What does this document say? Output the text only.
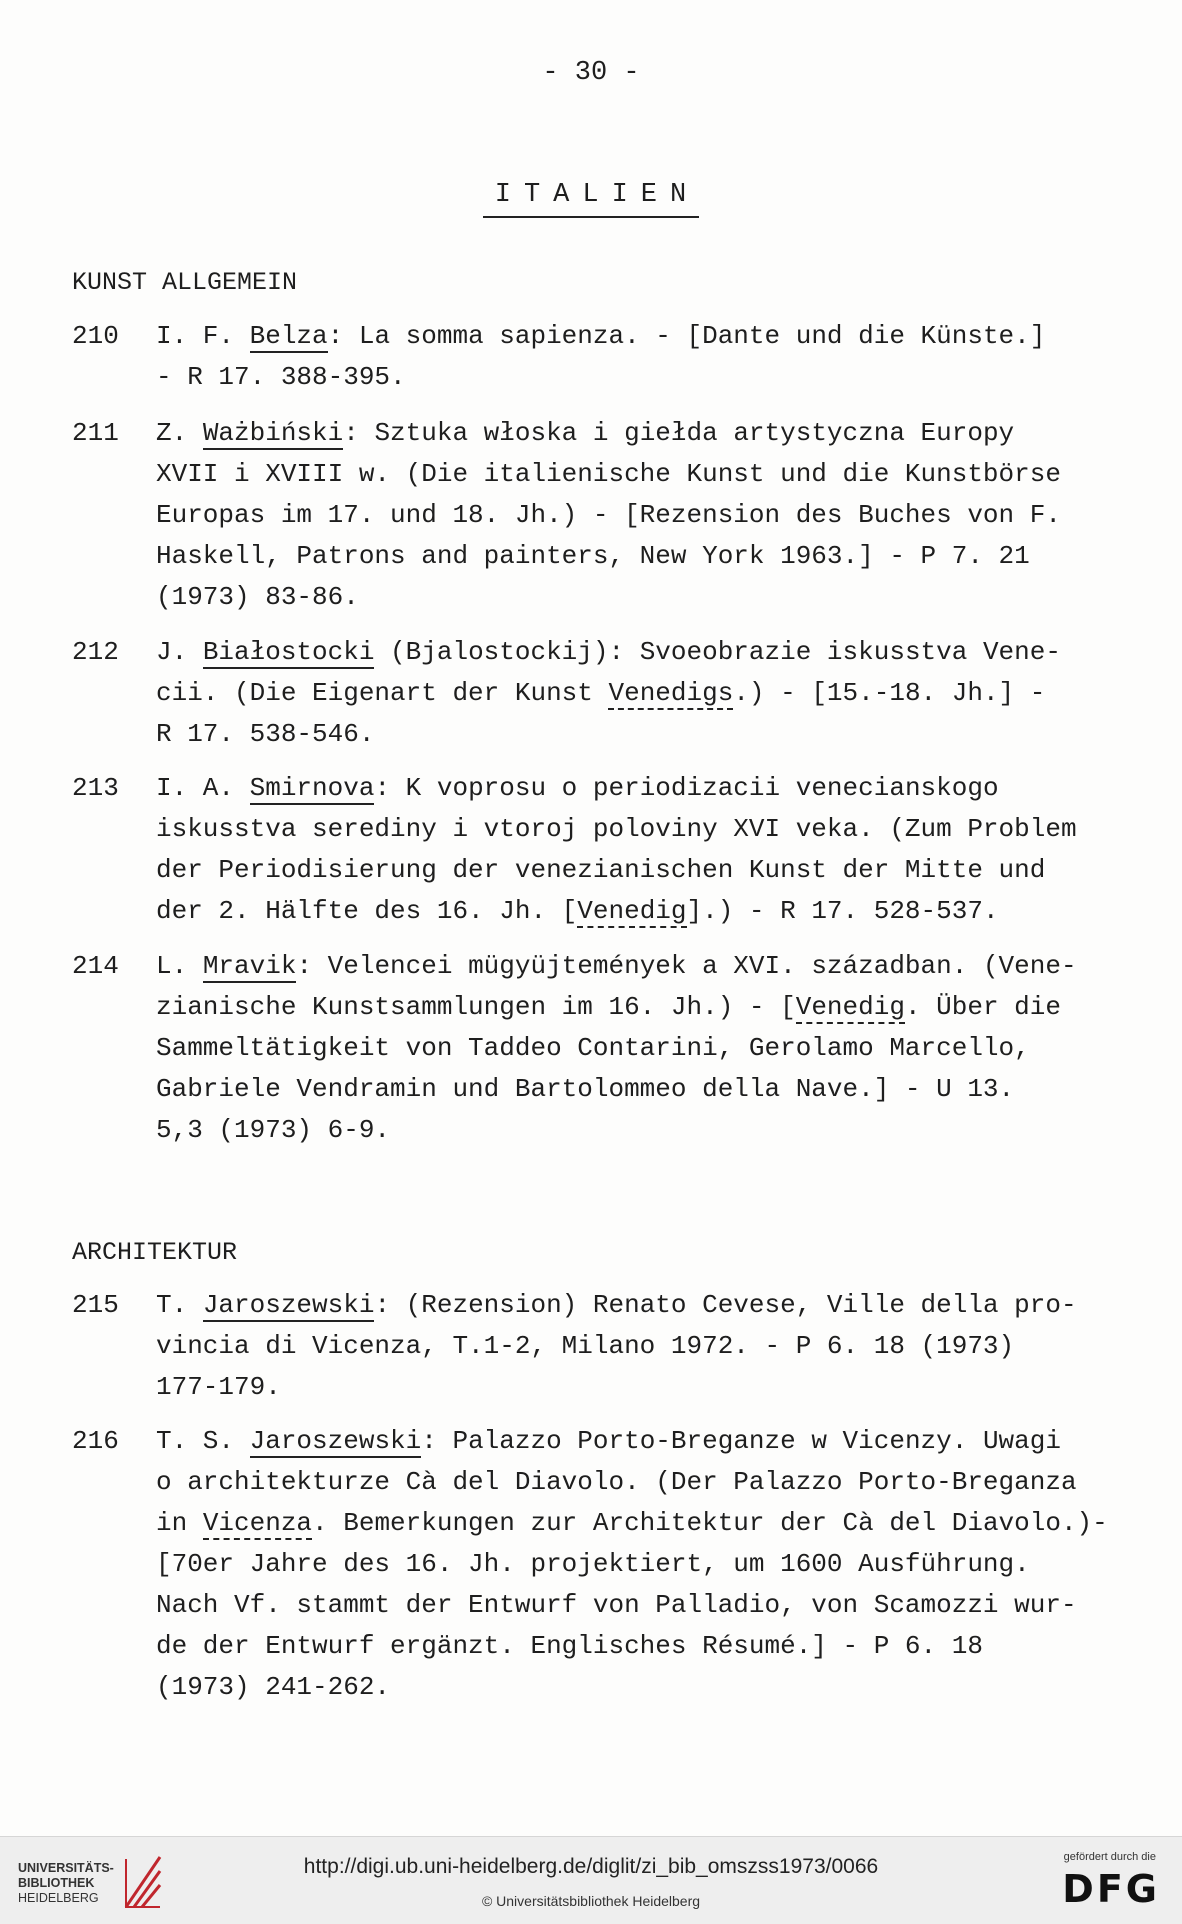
- 30 -
ITALIEN
KUNST ALLGEMEIN
210	I. F. Belza: La somma sapienza. - [Dante und die Künste.]
- R 17. 388-395.
211	Z. Ważbiński: Sztuka włoska i giełda artystyczna Europy
XVII i XVIII w. (Die italienische Kunst und die Kunstbörse
Europas im 17. und 18. Jh.) - [Rezension des Buches von F.
Haskell, Patrons and painters, New York 1963.] - P 7. 21
(1973) 83-86.
212	J. Białostocki (Bjalostockij): Svoeobrazie iskusstva Vene-
cii. (Die Eigenart der Kunst Venedigs.) - [15.-18. Jh.] -
R 17. 538-546.
213	I. A. Smirnova: K voprosu o periodizacii venecianskogo
iskusstva serediny i vtoroj poloviny XVI veka. (Zum Problem
der Periodisierung der venezianischen Kunst der Mitte und
der 2. Hälfte des 16. Jh. [Venedig].) - R 17. 528-537.
214	L. Mravik: Velencei mügyüjtemények a XVI. században. (Vene-
zianische Kunstsammlungen im 16. Jh.) - [Venedig. Über die
Sammeltätigkeit von Taddeo Contarini, Gerolamo Marcello,
Gabriele Vendramin und Bartolommeo della Nave.] - U 13.
5,3 (1973) 6-9.
ARCHITEKTUR
215	T. Jaroszewski: (Rezension) Renato Cevese, Ville della pro-
vincia di Vicenza, T.1-2, Milano 1972. - P 6. 18 (1973)
177-179.
216	T. S. Jaroszewski: Palazzo Porto-Breganze w Vicenzy. Uwagi
o architekturze Cà del Diavolo. (Der Palazzo Porto-Breganza
in Vicenza. Bemerkungen zur Architektur der Cà del Diavolo.)-
[70er Jahre des 16. Jh. projektiert, um 1600 Ausführung.
Nach Vf. stammt der Entwurf von Palladio, von Scamozzi wur-
de der Entwurf ergänzt. Englisches Résumé.] - P 6. 18
(1973) 241-262.
UNIVERSITÄTS-
BIBLIOTHEK
HEIDELBERG
http://digi.ub.uni-heidelberg.de/diglit/zi_bib_omszss1973/0066
© Universitätsbibliothek Heidelberg
gefördert durch die
DFG
